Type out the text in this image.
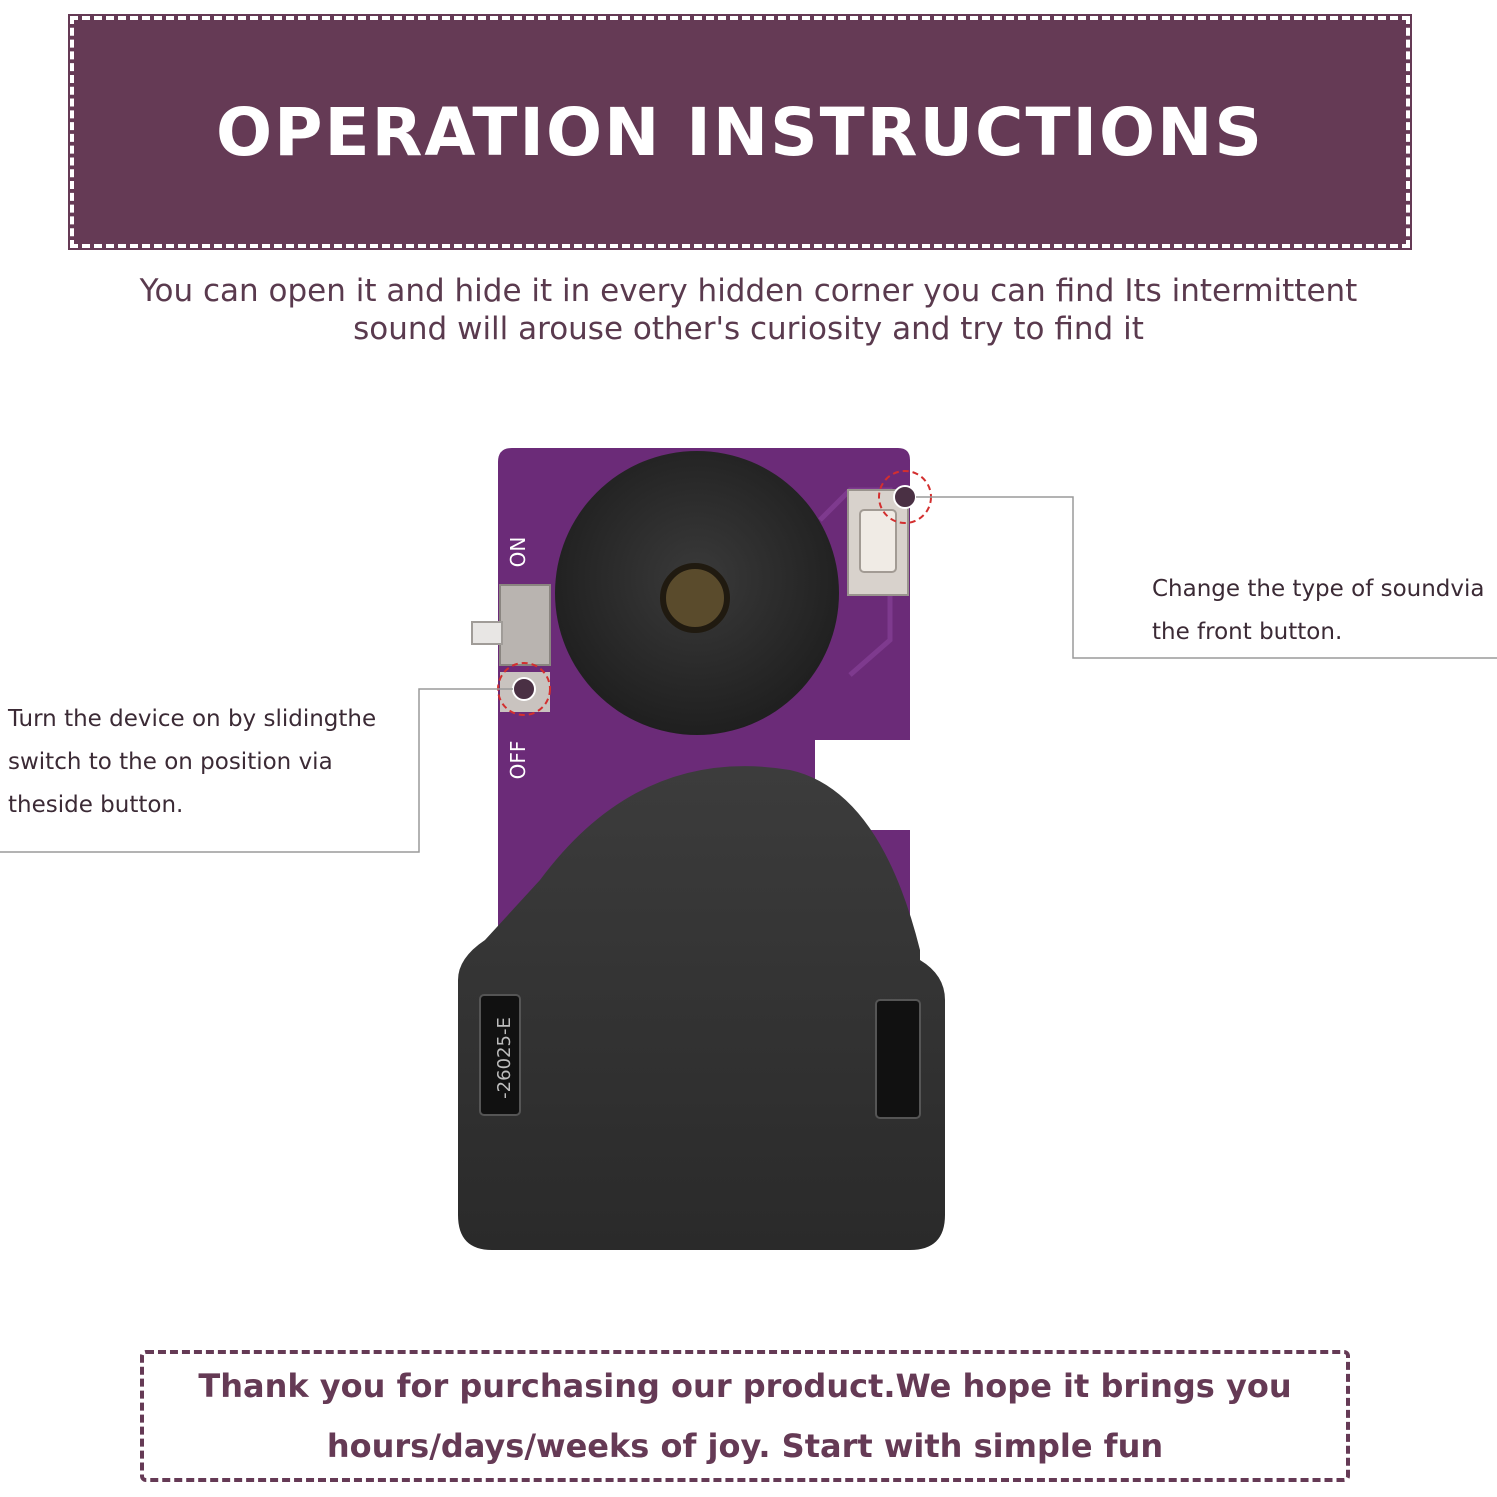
OPERATION INSTRUCTIONS

You can open it and hide it in every hidden corner you can find Its intermittent
sound will arouse other's curiosity and try to find it

ON
OFF
-26025-E

Change the type of soundvia
the front button.

Turn the device on by slidingthe
switch to the on position via
theside button.

Thank you for purchasing our product.We hope it brings you
hours/days/weeks of joy. Start with simple fun
